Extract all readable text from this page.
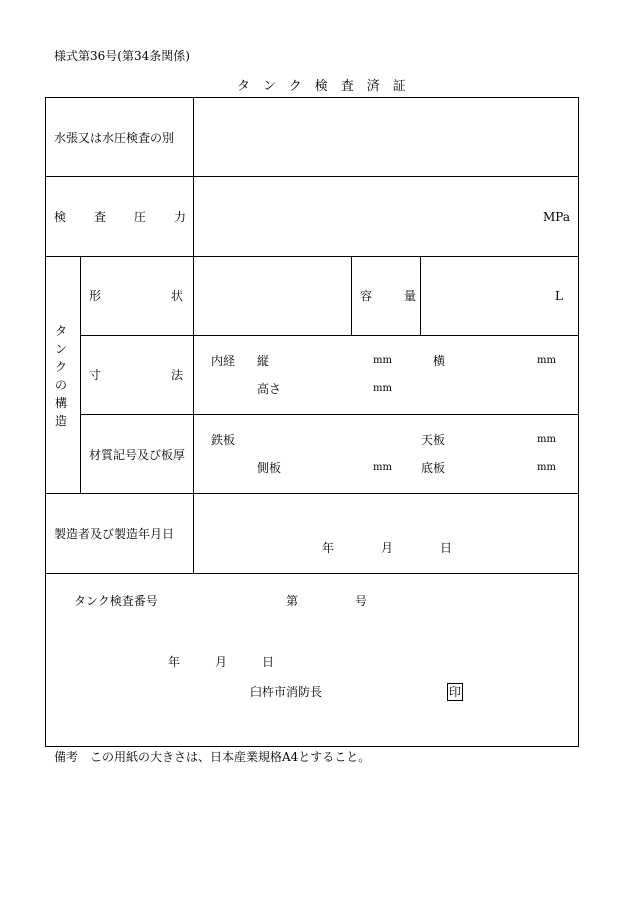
様式第36号(第34条関係)
タンク検査済証
水張又は水圧検査の別
検査圧力	MPa
タンクの構造
形状	容量	L
寸法
内経 縦	mm	横	mm
高さ	mm
材質記号及び板厚
鉄板	天板	mm
側板	mm 底板	mm
製造者及び製造年月日
年	月	日
タンク検査番号	第	号
年	月	日
臼杵市消防長	印
備考　この用紙の大きさは、日本産業規格A4とすること。
